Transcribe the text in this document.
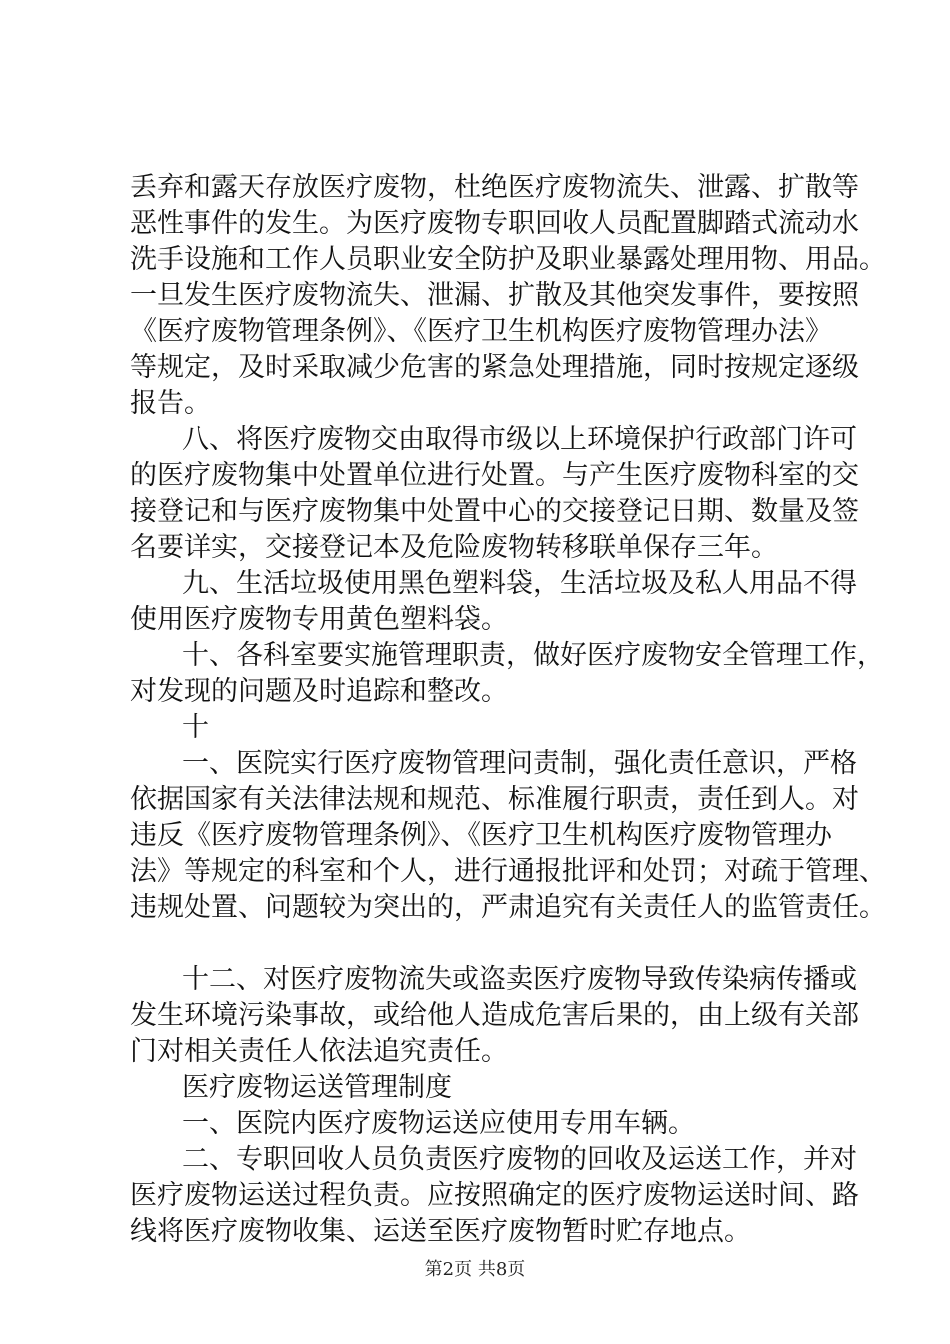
丢弃和露天存放医疗废物，杜绝医疗废物流失、泄露、扩散等
恶性事件的发生。为医疗废物专职回收人员配置脚踏式流动水
洗手设施和工作人员职业安全防护及职业暴露处理用物、用品。
一旦发生医疗废物流失、泄漏、扩散及其他突发事件，要按照
《医疗废物管理条例》、《医疗卫生机构医疗废物管理办法》
等规定，及时采取减少危害的紧急处理措施，同时按规定逐级
报告。
八、将医疗废物交由取得市级以上环境保护行政部门许可
的医疗废物集中处置单位进行处置。与产生医疗废物科室的交
接登记和与医疗废物集中处置中心的交接登记日期、数量及签
名要详实，交接登记本及危险废物转移联单保存三年。
九、生活垃圾使用黑色塑料袋，生活垃圾及私人用品不得
使用医疗废物专用黄色塑料袋。
十、各科室要实施管理职责，做好医疗废物安全管理工作，
对发现的问题及时追踪和整改。
十
一、医院实行医疗废物管理问责制，强化责任意识，严格
依据国家有关法律法规和规范、标准履行职责，责任到人。对
违反《医疗废物管理条例》、《医疗卫生机构医疗废物管理办
法》等规定的科室和个人，进行通报批评和处罚；对疏于管理、
违规处置、问题较为突出的，严肃追究有关责任人的监管责任。
十二、对医疗废物流失或盗卖医疗废物导致传染病传播或
发生环境污染事故，或给他人造成危害后果的，由上级有关部
门对相关责任人依法追究责任。
医疗废物运送管理制度
一、医院内医疗废物运送应使用专用车辆。
二、专职回收人员负责医疗废物的回收及运送工作，并对
医疗废物运送过程负责。应按照确定的医疗废物运送时间、路
线将医疗废物收集、运送至医疗废物暂时贮存地点。
第2页 共8页
